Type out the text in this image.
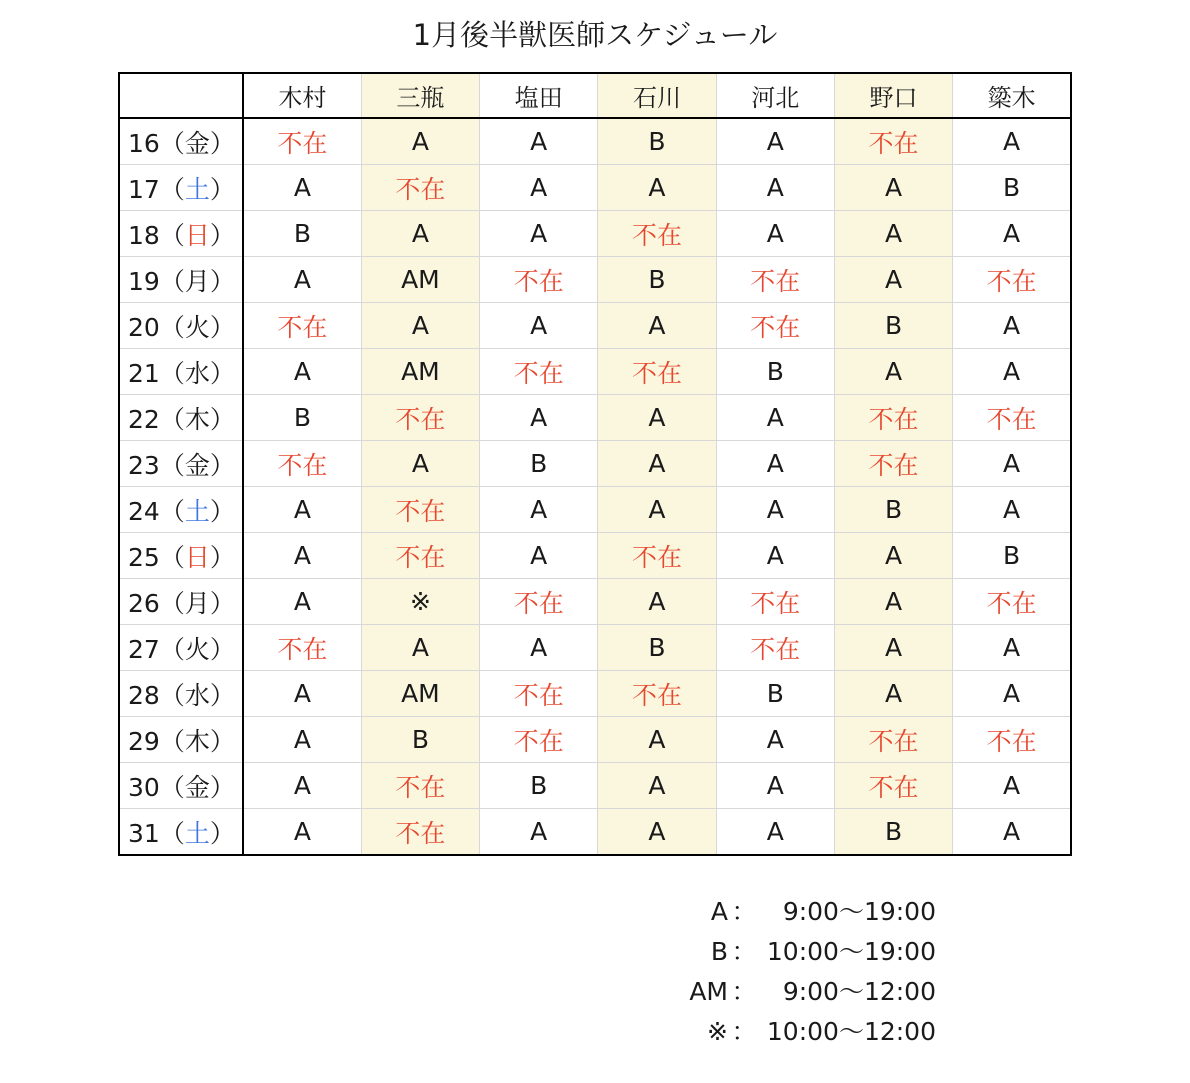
1月後半獣医師スケジュール
	木村	三瓶	塩田	石川	河北	野口	簗木
16（金）	不在	A	A	B	A	不在	A
17（土）	A	不在	A	A	A	A	B
18（日）	B	A	A	不在	A	A	A
19（月）	A	AM	不在	B	不在	A	不在
20（火）	不在	A	A	A	不在	B	A
21（水）	A	AM	不在	不在	B	A	A
22（木）	B	不在	A	A	A	不在	不在
23（金）	不在	A	B	A	A	不在	A
24（土）	A	不在	A	A	A	B	A
25（日）	A	不在	A	不在	A	A	B
26（月）	A	※	不在	A	不在	A	不在
27（火）	不在	A	A	B	不在	A	A
28（水）	A	AM	不在	不在	B	A	A
29（木）	A	B	不在	A	A	不在	不在
30（金）	A	不在	B	A	A	不在	A
31（土）	A	不在	A	A	A	B	A
A ：	9:00〜19:00
B ： 10:00〜19:00
AM ：	9:00〜12:00
※ ： 10:00〜12:00
